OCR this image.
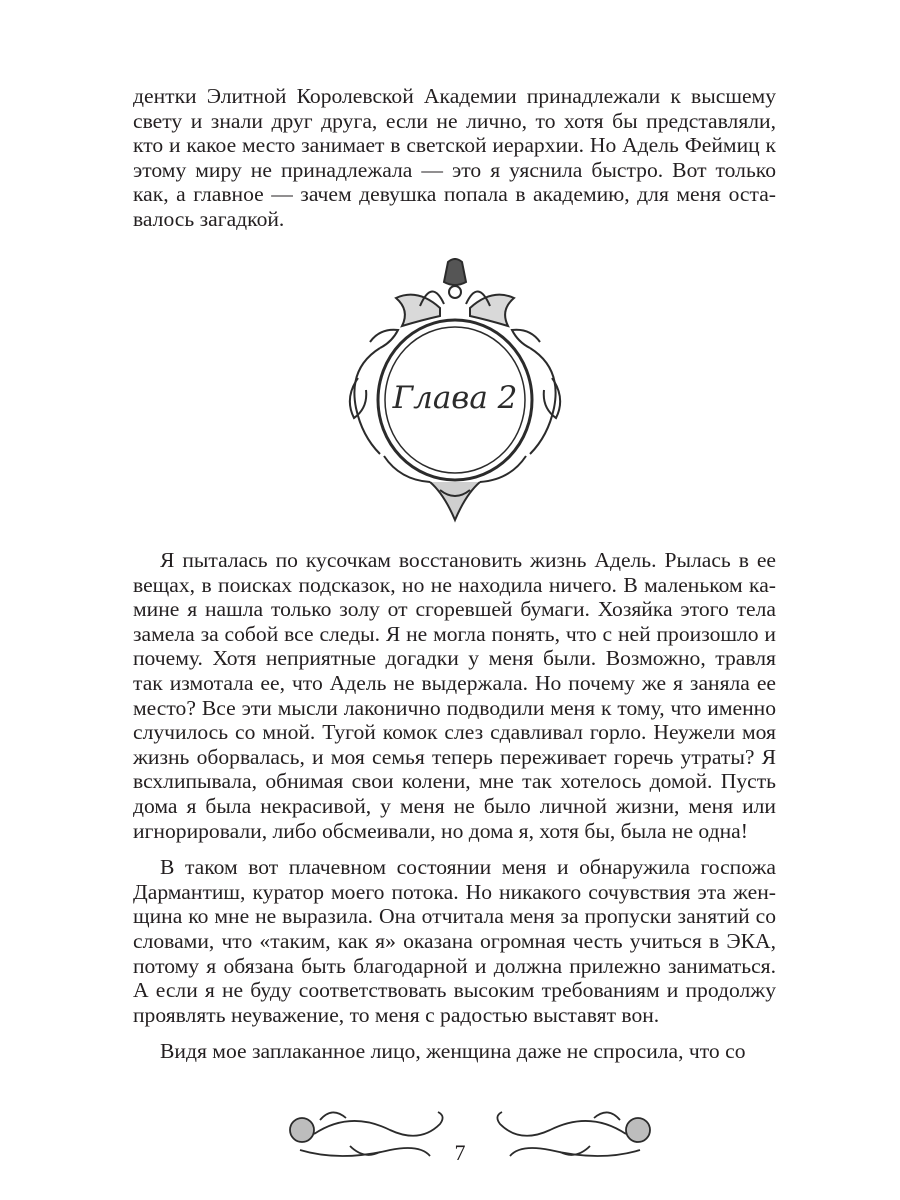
дентки Элитной Королевской Академии принадлежали к высшему свету и знали друг друга, если не лично, то хотя бы представляли, кто и какое место занимает в светской иерархии. Но Адель Феймиц к этому миру не принадлежала — это я уяснила быстро. Вот только как, а главное — зачем девушка попала в академию, для меня оставалось загадкой.

Глава 2

Я пыталась по кусочкам восстановить жизнь Адель. Рылась в ее вещах, в поисках подсказок, но не находила ничего. В маленьком камине я нашла только золу от сгоревшей бумаги. Хозяйка этого тела замела за собой все следы. Я не могла понять, что с ней произошло и почему. Хотя неприятные догадки у меня были. Возможно, травля так измотала ее, что Адель не выдержала. Но почему же я заняла ее место? Все эти мысли лаконично подводили меня к тому, что именно случилось со мной. Тугой комок слез сдавливал горло. Неужели моя жизнь оборвалась, и моя семья теперь переживает горечь утраты? Я всхлипывала, обнимая свои колени, мне так хотелось домой. Пусть дома я была некрасивой, у меня не было личной жизни, меня или игнорировали, либо обсмеивали, но дома я, хотя бы, была не одна!

В таком вот плачевном состоянии меня и обнаружила госпожа Дармантиш, куратор моего потока. Но никакого сочувствия эта женщина ко мне не выразила. Она отчитала меня за пропуски занятий со словами, что «таким, как я» оказана огромная честь учиться в ЭКА, потому я обязана быть благодарной и должна прилежно заниматься. А если я не буду соответствовать высоким требованиям и продолжу проявлять неуважение, то меня с радостью выставят вон.

Видя мое заплаканное лицо, женщина даже не спросила, что со

7
